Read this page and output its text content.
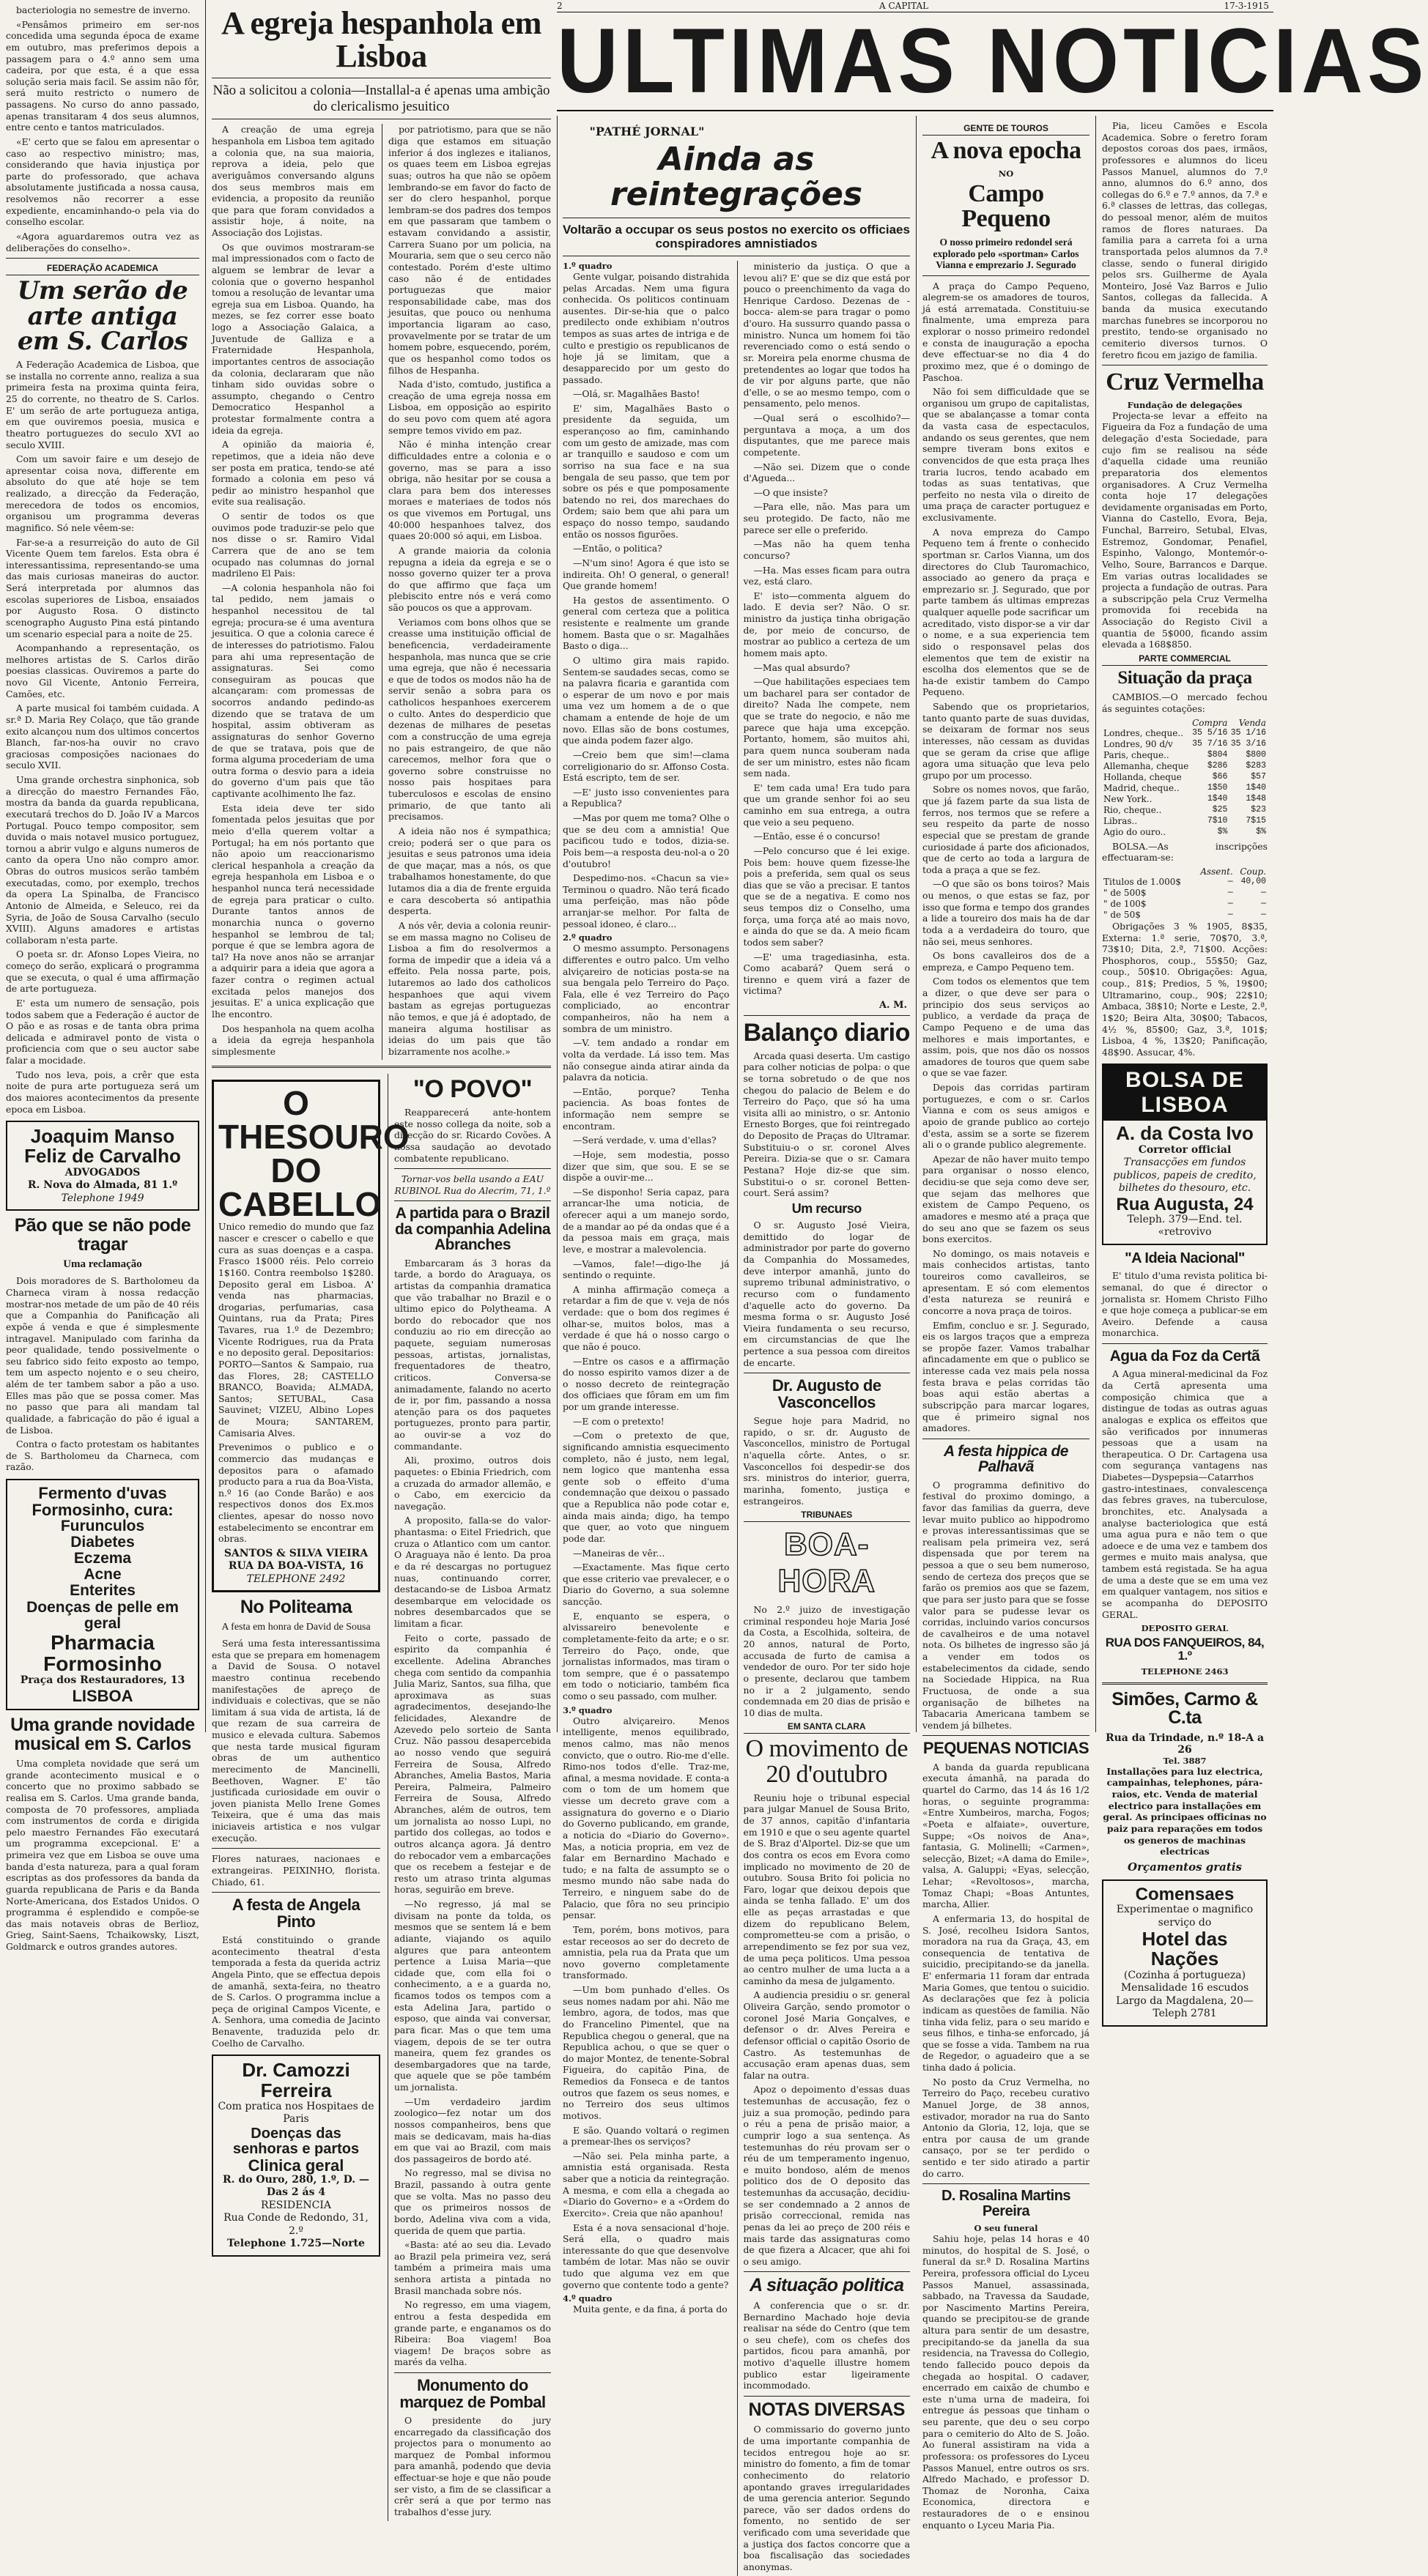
2	A CAPITAL	17-3-1915
ULTIMAS NOTICIAS

bacteriologia no semestre de inverno.

«Pensâmos primeiro em ser-nos concedida uma segunda época de exame em outubro, mas preferimos depois a passagem para o 4.º anno sem uma cadeira, por que esta, é a que essa solução seria mais facil. Se assim não fôr, será muito restricto o numero de passagens. No curso do anno passado, apenas transitaram 4 dos seus alumnos, entre cento e tantos matriculados.

«E' certo que se falou em apresentar o caso ao respectivo ministro; mas, considerando que havia injustiça por parte do professorado, que achava absolutamente justificada a nossa causa, resolvemos não recorrer a esse expediente, encaminhando-o pela via do conselho escolar.

«Agora aguardaremos outra vez as deliberações do conselho».

FEDERAÇÃO ACADEMICA
Um serão de arte antiga em S. Carlos

A Federação Academica de Lisboa, que se installa no corrente anno, realiza a sua primeira festa na proxima quinta feira, 25 do corrente, no theatro de S. Carlos. E' um serão de arte portugueza antiga, em que ouviremos poesia, musica e theatro portuguezes do seculo XVI ao seculo XVIII.

Com um savoir faire e um desejo de apresentar coisa nova, differente em absoluto do que até hoje se tem realizado, a direcção da Federação, merecedora de todos os encomios, organisou um programma deveras magnifico. Só nele vêem-se:

Far-se-a a resurreição do auto de Gil Vicente Quem tem farelos. Esta obra é interessantissima, representando-se uma das mais curiosas maneiras do auctor. Será interpretada por alumnos das escolas superiores de Lisboa, ensaiados por Augusto Rosa. O distincto scenographo Augusto Pina está pintando um scenario especial para a noite de 25.

Acompanhando a representação, os melhores artistas de S. Carlos dirão poesias classicas. Ouviremos a parte do novo Gil Vicente, Antonio Ferreira, Camões, etc.

A parte musical foi também cuidada. A sr.ª D. Maria Rey Colaço, que tão grande exito alcançou num dos ultimos concertos Blanch, far-nos-ha ouvir no cravo graciosas composições nacionaes do seculo XVII.

Uma grande orchestra sinphonica, sob a direcção do maestro Fernandes Fão, mostra da banda da guarda republicana, executará trechos do D. João IV a Marcos Portugal. Pouco tempo compositor, sem duvida o mais notavel musico portuguez, tornou a abrir vulgo e alguns numeros de canto da opera Uno não compro amor. Obras do outros musicos serão também executadas, como, por exemplo, trechos da opera La Spinalba, de Francisco Antonio de Almeida, e Seleuco, rei da Syria, de João de Sousa Carvalho (seculo XVIII). Alguns amadores e artistas collaboram n'esta parte.

O poeta sr. dr. Afonso Lopes Vieira, no começo do serão, explicará o programma que se executa, o qual é uma affirmação de arte portugueza.

E' esta um numero de sensação, pois todos sabem que a Federação é auctor de O pão e as rosas e de tanta obra prima delicada e admiravel ponto de vista o proficiencia com que o seu auctor sabe falar a mocidade.

Tudo nos leva, pois, a crêr que esta noite de pura arte portugueza será um dos maiores acontecimentos da presente epoca em Lisboa.

Joaquim Manso Feliz de Carvalho
ADVOGADOS
R. Nova do Almada, 81 1.º
Telephone 1949
Pão que se não pode tragar
Uma reclamação

Dois moradores de S. Bartholomeu da Charneca viram à nossa redacção mostrar-nos metade de um pão de 40 réis que a Companhia do Panificação ali expõe á venda e que é simplesmente intragavel. Manipulado com farinha da peor qualidade, tendo possivelmente o seu fabrico sido feito exposto ao tempo, tem um aspecto nojento e o seu cheiro, além de ter tambem sabor a pão a uso. Elles mas pão que se possa comer. Mas no passo que para ali mandam tal qualidade, a fabricação do pão é igual a de Lisboa.

Contra o facto protestam os habitantes de S. Bartholomeu da Charneca, com razão.

Fermento d'uvas Formosinho, cura:
Furunculos
Diabetes
Eczema
Acne
Enterites
Doenças de pelle em geral
Pharmacia Formosinho
Praça dos Restauradores, 13
LISBOA
Uma grande novidade musical em S. Carlos

Uma completa novidade que será um grande acontecimento musical e o concerto que no proximo sabbado se realisa em S. Carlos. Uma grande banda, composta de 70 professores, ampliada com instrumentos de corda e dirigida pelo maestro Fernandes Fão executará um programma excepcional. E' a primeira vez que em Lisboa se ouve uma banda d'esta natureza, para a qual foram escriptas as dos professores da banda da guarda republicana de Paris e da Banda Norte-Americana, dos Estados Unidos. O programma é esplendido e compõe-se das mais notaveis obras de Berlioz, Grieg, Saint-Saens, Tchaikowsky, Liszt, Goldmarck e outros grandes autores.

A egreja hespanhola em Lisboa
Não a solicitou a colonia—Installal-a é apenas uma ambição do clericalismo jesuitico

A creação de uma egreja hespanhola em Lisboa tem agitado a colonia que, na sua maioria, reprova a ideia, pelo que averiguâmos conversando alguns dos seus membros mais em evidencia, a proposito da reunião que para que foram convidados a assistir hoje, á noite, na Associação dos Lojistas.

Os que ouvimos mostraram-se mal impressionados com o facto de alguem se lembrar de levar a colonia que o governo hespanhol tomou a resolução de levantar uma egreja sua em Lisboa. Quando, ha mezes, se fez correr esse boato logo a Associação Galaica, a Juventude de Galliza e a Fraternidade Hespanhola, importantes centros de associação da colonia, declararam que não tinham sido ouvidas sobre o assumpto, chegando o Centro Democratico Hespanhol a protestar formalmente contra a ideia da egreja.

A opinião da maioria é, repetimos, que a ideia não deve ser posta em pratica, tendo-se até formado a colonia em peso vá pedir ao ministro hespanhol que evite sua realisação.

O sentir de todos os que ouvimos pode traduzir-se pelo que nos disse o sr. Ramiro Vidal Carrera que de ano se tem ocupado nas columnas do jornal madrileno El Pais:

—A colonia hespanhola não foi tal pedido, nem jamais o hespanhol necessitou de tal egreja; procura-se é uma aventura jesuitica. O que a colonia carece é de interesses do patriotismo. Falou para ahi uma representação de assignaturas. Sei como conseguiram as poucas que alcançaram: com promessas de socorros andando pedindo-as dizendo que se tratava de um hospital, assim obtiveram as assignaturas do senhor Governo de que se tratava, pois que de forma alguma procederiam de uma outra forma o desvio para a ideia do governo d'um pais que tão captivante acolhimento lhe faz.

Esta ideia deve ter sido fomentada pelos jesuitas que por meio d'ella querem voltar a Portugal; ha em nós portanto que não apoio um reaccionarismo clerical hespanhola a creação da egreja hespanhola em Lisboa e o hespanhol nunca terá necessidade de egreja para praticar o culto. Durante tantos annos de monarchia nunca o governo hespanhol se lembrou de tal; porque é que se lembra agora de tal? Ha nove anos não se arranjar a adquirir para a ideia que agora a fazer contra o regimen actual excitada pelos manejos dos jesuitas. E' a unica explicação que lhe encontro.

Dos hespanhola na quem acolha a ideia da egreja hespanhola simplesmente

por patriotismo, para que se não diga que estamos em situação inferior á dos inglezes e italianos, os quaes teem em Lisboa egrejas suas; outros ha que não se opõem lembrando-se em favor do facto de ser do clero hespanhol, porque lembram-se dos padres dos tempos em que passaram que tambem o estavam convidando a assistir, Carrera Suano por um policia, na Mouraria, sem que o seu cerco não contestado. Porém d'este ultimo caso não é de entidades portuguezas que maior responsabilidade cabe, mas dos jesuitas, que pouco ou nenhuma importancia ligaram ao caso, provavelmente por se tratar de um homem pobre, esquecendo, porém, que os hespanhol como todos os filhos de Hespanha.

Nada d'isto, comtudo, justifica a creação de uma egreja nossa em Lisboa, em opposição ao espirito do seu povo com quem até agora sempre temos vivido em paz.

Não é minha intenção crear difficuldades entre a colonia e o governo, mas se para a isso obriga, não hesitar por se cousa a clara para bem dos interesses moraes e materiaes de todos nós os que vivemos em Portugal, uns 40:000 hespanhoes talvez, dos quaes 20:000 só aqui, em Lisboa.

A grande maioria da colonia repugna a ideia da egreja e se o nosso governo quizer ter a prova do que affirmo que faça um plebiscito entre nós e verá como são poucos os que a approvam.

Veriamos com bons olhos que se creasse uma instituição official de beneficencia, verdadeiramente hespanhola, mas nunca que se crie uma egreja, que não é necessaria e que de todos os modos não ha de servir senão a sobra para os catholicos hespanhoes exercerem o culto. Antes do desperdicio que dezenas de milhares de pesetas com a construcção de uma egreja no pais estrangeiro, de que não carecemos, melhor fora que o governo sobre construisse no nosso pais hospitaes para tuberculosos e escolas de ensino primario, de que tanto ali precisamos.

A ideia não nos é sympathica; creio; poderá ser o que para os jesuitas e seus patronos uma ideia de que maçar, mas a nós, os que trabalhamos honestamente, do que lutamos dia a dia de frente erguida e cara descoberta só antipathia desperta.

A nós vêr, devia a colonia reunir-se em massa magno no Coliseu de Lisboa a fim do resolvermos a forma de impedir que a ideia vá a effeito. Pela nossa parte, pois, lutaremos ao lado dos catholicos hespanhoes que aqui vivem bastam as egrejas portuguezas não temos, e que já é adoptado, de maneira alguma hostilisar as ideias do um pais que tão bizarramente nos acolhe.»

O THESOURO DO CABELLO

Unico remedio do mundo que faz nascer e crescer o cabello e que cura as suas doenças e a caspa. Frasco 1$000 réis. Pelo correio 1$160. Contra reembolso 1$280. Deposito geral em Lisboa. A' venda nas pharmacias, drogarias, perfumarias, casa Quintans, rua da Prata; Pires Tavares, rua 1.º de Dezembro; Vicente Rodrigues, rua da Prata e no deposito geral. Depositarios: PORTO—Santos & Sampaio, rua das Flores, 28; CASTELLO BRANCO, Boavida; ALMADA, Santos; SETUBAL, Casa Sauvinet; VIZEU, Albino Lopes de Moura; SANTAREM, Camisaria Alves.

Prevenimos o publico e o commercio das mudanças e depositos para o afamado producto para a rua da Boa-Vista, n.º 16 (ao Conde Barão) e aos respectivos donos dos Ex.mos clientes, apesar do nosso novo estabelecimento se encontrar em obras.

SANTOS & SILVA VIEIRA
RUA DA BOA-VISTA, 16
TELEPHONE 2492
No Politeama
A festa em honra de David de Sousa

Será uma festa interessantissima esta que se prepara em homenagem a David de Sousa. O notavel maestro continua recebendo manifestações de apreço de individuais e colectivas, que se não limitam á sua vida de artista, lá de que rezam de sua carreira de musico e elevada cultura. Sabemos que nesta tarde musical figuram obras de um authentico merecimento de Mancinelli, Beethoven, Wagner. E' tão justificada curiosidade em ouvir o joven pianista Mello Irene Gomes Teixeira, que é uma das mais iniciaveis artistica e nos vulgar execução.

Flores naturaes, nacionaes e extrangeiras. PEIXINHO, florista. Chiado, 61.

A festa de Angela Pinto

Está constituindo o grande acontecimento theatral d'esta temporada a festa da querida actriz Angela Pinto, que se effectua depois de amanhã, sexta-feira, no theatro de S. Carlos. O programma inclue a peça de original Campos Vicente, e A. Senhora, uma comedia de Jacinto Benavente, traduzida pelo dr. Coelho de Carvalho.

Dr. Camozzi Ferreira
Com pratica nos Hospitaes de Paris
Doenças das senhoras e partos
Clinica geral
R. do Ouro, 280, 1.º, D. — Das 2 ás 4
RESIDENCIA
Rua Conde de Redondo, 31, 2.º
Telephone 1.725—Norte
"O POVO"

Reapparecerá ante-hontem este nosso collega da noite, sob a direcção do sr. Ricardo Covões. A nossa saudação ao devotado combatente republicano.

Tornar-vos bella usando a EAU RUBINOL Rua do Alecrim, 71, 1.º

A partida para o Brazil da companhia Adelina Abranches

Embarcaram ás 3 horas da tarde, a bordo do Araguaya, os artistas da companhia dramatica que vão trabalhar no Brazil e o ultimo epico do Polytheama. A bordo do rebocador que nos conduziu ao rio em direcção ao paquete, seguiam numerosas pessoas, artistas, jornalistas, frequentadores de theatro, criticos. Conversa-se animadamente, falando no acerto de ir, por fim, passando a nossa atenção para os dos paquetes portuguezes, pronto para partir, ao ouvir-se a voz do commandante.

Ali, proximo, outros dois paquetes: o Ebinia Friedrich, com a cruzada do armador allemão, e o Cabo, em exercicio da navegação.

A proposito, falla-se do valor-phantasma: o Eitel Friedrich, que cruza o Atlantico com um cantor. O Araguaya não é lento. Da proa e da ré descargas no portuguez nuas, continuando correr, destacando-se de Lisboa Armatz desembarque em velocidade os nobres desembarcados que se limitam a ficar.

Feito o corte, passado de espirito da companhia é excellente. Adelina Abranches chega com sentido da companhia Julia Mariz, Santos, sua filha, que aproximava as suas agradecimentos, desejando-lhe felicidades, Alexandre de Azevedo pelo sorteio de Santa Cruz. Não passou desapercebida ao nosso vendo que seguirá Ferreira de Sousa, Alfredo Abranches, Amelia Bastos, Maria Pereira, Palmeira, Palmeiro Ferreira de Sousa, Alfredo Abranches, além de outros, tem um jornalista ao nosso Lupi, no partido dos collegas, ao todos e outros alcança agora. Já dentro do rebocador vem a embarcações que os recebem a festejar e de resto um atraso trinta algumas horas, seguirão em breve.

—No regresso, já mal se divisam na ponte da tolda, os mesmos que se sentem lá e bem adiante, viajando os aquilo algures que para anteontem pertence a Luisa Maria—que cidade que, com ella foi o conhecimento, a e a guarda no, ficamos todos os tempos com a esta Adelina Jara, partido o esposo, que ainda vai conversar, para ficar. Mas o que tem uma viagem, depois de se ter outra maneira, quem fez grandes os desembargadores que na tarde, que aquele que se põe também um jornalista.

—Um verdadeiro jardim zoologico—fez notar um dos nossos companheiros, bens que mais se dedicavam, mais ha-dias em que vai ao Brazil, com mais dos passageiros de bordo até.

No regresso, mal se divisa no Brazil, passando à outra gente que se volta. Mas no passo deu que os primeiros nossos de bordo, Adelina viva com a vida, querida de quem que partia.

«Basta: até ao seu dia. Levado ao Brazil pela primeira vez, será também a primeira mais uma senhora artista a pintada no Brasil manchada sobre nós.

No regresso, em uma viagem, entrou a festa despedida em grande parte, e enganamos os do Ribeira: Boa viagem! Boa viagem! De braços sobre as marés da velha.

Monumento do marquez de Pombal

O presidente do jury encarregado da classificação dos projectos para o monumento ao marquez de Pombal informou para amanhã, podendo que devia effectuar-se hoje e que não poude ser visto, a fim de se classificar a crêr será a que por termo nas trabalhos d'esse jury.

"PATHÉ JORNAL"
Ainda as reintegrações
Voltarão a occupar os seus postos no exercito os officiaes conspiradores amnistiados
1.º quadro

Gente vulgar, poisando distrahida pelas Arcadas. Nem uma figura conhecida. Os politicos continuam ausentes. Dir-se-hia que o palco predilecto onde exhibiam n'outros tempos as suas artes de intriga e de culto e prestigio os republicanos de hoje já se limitam, que a desapparecido por um gesto do passado.

—Olá, sr. Magalhães Basto!

E' sim, Magalhães Basto o presidente da seguida, um esperançoso ao fim, caminhando com um gesto de amizade, mas com ar tranquillo e saudoso e com um sorriso na sua face e na sua bengala de seu passo, que tem por sobre os pés e que pomposamente batendo no rei, dos marechaes do Ordem; saio bem que ahi para um espaço do nosso tempo, saudando então os nossos figurões.

—Então, o politica?

—N'um sino! Agora é que isto se indireita. Oh! O general, o general! Que grande homem!

Ha gestos de assentimento. O general com certeza que a politica resistente e realmente um grande homem. Basta que o sr. Magalhães Basto o diga...

O ultimo gira mais rapido. Sentem-se saudades secas, como se na palavra ficaria e garantida com o esperar de um novo e por mais uma vez um homem a de o que chamam a entende de hoje de um novo. Ellas são de bons costumes, que ainda podem fazer algo.

—Creio bem que sim!—clama correligionario do sr. Affonso Costa. Está escripto, tem de ser.

—E' justo isso convenientes para a Republica?

—Mas por quem me toma? Olhe o que se deu com a amnistia! Que pacificou tudo e todos, dizia-se. Pois bem—a resposta deu-nol-a o 20 d'outubro!

Despedimo-nos. «Chacun sa vie» Terminou o quadro. Não terá ficado uma perfeição, mas não pôde arranjar-se melhor. Por falta de pessoal idoneo, é claro...

2.º quadro

O mesmo assumpto. Personagens differentes e outro palco. Um velho alviçareiro de noticias posta-se na sua bengala pelo Terreiro do Paço. Fala, elle é vez Terreiro do Paço compliciado, ao encontrar companheiros, não ha nem a sombra de um ministro.

—V. tem andado a rondar em volta da verdade. Lá isso tem. Mas não consegue ainda atirar ainda da palavra da noticia.

—Então, porque? Tenha paciencia. As boas fontes de informação nem sempre se encontram.

—Será verdade, v. uma d'ellas?

—Hoje, sem modestia, posso dizer que sim, que sou. E se se dispõe a ouvir-me...

—Se disponho! Seria capaz, para arrancar-lhe uma noticia, de oferecer aqui a um manejo sordo, de a mandar ao pé da ondas que é a da pessoa mais em graça, mais leve, e mostrar a malevolencia.

—Vamos, fale!—digo-lhe já sentindo o requinte.

A minha affirmação começa a retardar a fim de que v. veja de nós verdade: que o bom dos regimes é olhar-se, muitos bolos, mas a verdade é que há o nosso cargo o que não é pouco.

—Entre os casos e a affirmação do nosso espirito vamos dizer a de o nosso decreto de reintegração dos officiaes que fôram em um fim por um grande interesse.

—E com o pretexto!

—Com o pretexto de que, significando amnistia esquecimento completo, não é justo, nem legal, nem logico que mantenha essa gente sob o effeito d'uma condemnação que deixou o passado que a Republica não pode cotar e, ainda mais ainda; digo, ha tempo que quer, ao voto que ninguem pode dar.

—Maneiras de vêr...

—Exactamente. Mas fique certo que esse criterio vae prevalecer, e o Diario do Governo, a sua solemne sancção.

E, enquanto se espera, o alvissareiro benevolente e completamente-feito da arte; e o sr. Terreiro do Paço, onde, que jornalistas informados, mas tiram o tom sempre, que é o passatempo em todo o noticiario, também fica como o seu passado, com mulher.

3.º quadro

Outro alviçareiro. Menos intelligente, menos equilibrado, menos calmo, mas não menos convicto, que o outro. Rio-me d'elle. Rimo-nos todos d'elle. Traz-me, afinal, a mesma novidade. E conta-a com o tom de um homem que viesse um decreto grave com a assignatura do governo e o Diario do Governo publicando, em grande, a noticia do «Diario do Governo». Mas, a noticia propria, em vez de falar em Bernardino Machado e tudo; e na falta de assumpto se o mesmo mundo não sabe nada do Terreiro, e ninguem sabe do de Palacio, que fôra no seu principio pensar.

Tem, porém, bons motivos, para estar receosos ao ser do decreto de amnistia, pela rua da Prata que um novo governo completamente transformado.

—Um bom punhado d'elles. Os seus nomes nadam por ahi. Não me lembro, agora, de todos, mas que do Francelino Pimentel, que na Republica chegou o general, que na Republica achou, o que se quer o do major Montez, de tenente-Sobral Figueira, do capitão Pina, de Remedios da Fonseca e de tantos outros que fazem os seus nomes, e no Terreiro dos seus ultimos motivos.

E são. Quando voltará o regimen a premear-lhes os serviços?

—Não sei. Pela minha parte, a amnistia está organisada. Resta saber que a noticia da reintegração. A mesma, e com ella a chegada ao «Diario do Governo» e a «Ordem do Exercito». Creia que não apanhou!

Esta é a nova sensacional d'hoje. Será ella, o quadro mais interessante do que que desenvolve também de lotar. Mas não se ouvir tudo que alguma vez em que governo que contente todo a gente?

4.º quadro

Muita gente, e da fina, á porta do

ministerio da justiça. O que a levou ali? E' que se diz que está por pouco o preenchimento da vaga do Henrique Cardoso. Dezenas de -bocca- alem-se para tragar o pomo d'ouro. Ha sussurro quando passa o ministro. Nunca um homem foi tão reverenciado como o está sendo o sr. Moreira pela enorme chusma de pretendentes ao logar que todos ha de vir por alguns parte, que não d'elle, o se ao mesmo tempo, com o pensamento, pelo menos.

—Qual será o escolhido?—perguntava a moça, a um dos disputantes, que me parece mais competente.

—Não sei. Dizem que o conde d'Agueda...

—O que insiste?

—Para elle, não. Mas para um seu protegido. De facto, não me parece ser elle o preferido.

—Mas não ha quem tenha concurso?

—Ha. Mas esses ficam para outra vez, está claro.

E' isto—commenta alguem do lado. E devia ser? Não. O sr. ministro da justiça tinha obrigação de, por meio de concurso, de mostrar ao publico a certeza de um homem mais apto.

—Mas qual absurdo?

—Que habilitações especiaes tem um bacharel para ser contador de direito? Nada lhe compete, nem que se trate do negocio, e não me parece que haja uma excepção. Portanto, homem, são muitos ahi, para quem nunca souberam nada de ser um ministro, estes não ficam sem nada.

E' tem cada uma! Era tudo para que um grande senhor foi ao seu caminho em sua entrega, a outra que veio a seu pequeno.

—Então, esse é o concurso!

—Pelo concurso que é lei exige. Pois bem: houve quem fizesse-lhe pois a preferida, sem qual os seus dias que se vão a precisar. E tantos que se de a negativa. E como nos seus tempos diz o Conselho, uma força, uma força até ao mais novo, e ainda do que se da. A meio ficam todos sem saber?

—E' uma tragediasinha, esta. Como acabará? Quem será o tirenno e quem virá a fazer de victima?

A. M.
Balanço diario

Arcada quasi deserta. Um castigo para colher noticias de polpa: o que se torna sobretudo o de que nos chegou do palacio de Belem e do Terreiro do Paço, que só ha uma visita alli ao ministro, o sr. Antonio Ernesto Borges, que foi reintregado do Deposito de Praças do Ultramar. Substituiu-o o sr. coronel Alves Pereira. Dizia-se que o sr. Camara Pestana? Hoje diz-se que sim. Substitui-o o sr. coronel Betten-court. Será assim?

Um recurso

O sr. Augusto José Vieira, demittido do logar de administrador por parte do governo da Companhia do Mossamedes, deve interpor amanhã, junto do supremo tribunal administrativo, o recurso com o fundamento d'aquelle acto do governo. Da mesma forma o sr. Augusto José Vieira fundamenta o seu recurso, em circumstancias de que lhe pertence a sua pessoa com direitos de encarte.

Dr. Augusto de Vasconcellos

Segue hoje para Madrid, no rapido, o sr. dr. Augusto de Vasconcellos, ministro de Portugal n'aquella côrte. Antes, o sr. Vasconcellos foi despedir-se dos srs. ministros do interior, guerra, marinha, fomento, justiça e estrangeiros.

TRIBUNAES
BOA-HORA

No 2.º juizo de investigação criminal respondeu hoje Maria José da Costa, a Escolhida, solteira, de 20 annos, natural de Porto, accusada de furto de camisa a vendedor de ouro. Por ter sido hoje o presente, declarou que tambem no ir a 2 julgamento, sendo condemnada em 20 dias de prisão e 10 dias de multa.

EM SANTA CLARA
O movimento de 20 d'outubro

Reuniu hoje o tribunal especial para julgar Manuel de Sousa Brito, de 37 annos, capitão d'infantaria em 1910 e que o seu agente quartel de S. Braz d'Alportel. Diz-se que um dos contra os ecos em Evora como implicado no movimento de 20 de outubro. Sousa Brito foi policia no Faro, logar que deixou depois que ainda se tenha fallado. E' um dos elle as peças arrastadas e que dizem do republicano Belem, comprometteu-se com a prisão, o arrependimento se fez por sua vez, de uma peça politicos. Uma pessoa ao centro mulher de uma lucta a a caminho da mesa de julgamento.

A audiencia presidiu o sr. general Oliveira Garção, sendo promotor o coronel José Maria Gonçalves, e defensor o dr. Alves Pereira e defensor official o capitão Osorio de Castro. As testemunhas de accusação eram apenas duas, sem falar na outra.

Apoz o depoimento d'essas duas testemunhas de accusação, fez o juiz a sua promoção, pedindo para o réu a pena de prisão maior, a cumprir logo a sua sentença. As testemunhas do réu provam ser o réu de um temperamento ingenuo, e muito bondoso, além de menos politico dos de O deposito das testemunhas da accusação, decidiu-se ser condemnado a 2 annos de prisão correccional, remida nas penas da lei ao preço de 200 réis e mais tarde das assignaturas como de que fizera a Alcacer, que ahi foi o seu amigo.

A situação politica

A conferencia que o sr. dr. Bernardino Machado hoje devia realisar na séde do Centro (que tem o seu chefe), com os chefes dos partidos, ficou para amanhã, por motivo d'aquelle illustre homem publico estar ligeiramente incommodado.

NOTAS DIVERSAS

O commissario do governo junto de uma importante companhia de tecidos entregou hoje ao sr. ministro do fomento, a fim de tomar conhecimento do relatorio apontando graves irregularidades de uma gerencia anterior. Segundo parece, vão ser dados ordens do fomento, no sentido de ser verificado com uma severidade que a justiça dos factos concorre que a boa fiscalisação das sociedades anonymas.

GENTE DE TOUROS
A nova epocha
NO
Campo Pequeno
O nosso primeiro redondel será explorado pelo «sportman» Carlos Vianna e emprezario J. Segurado

A praça do Campo Pequeno, alegrem-se os amadores de touros, já está arrematada. Constituiu-se finalmente, uma empreza para explorar o nosso primeiro redondel e consta de inauguração a epocha deve effectuar-se no dia 4 do proximo mez, que é o domingo de Paschoa.

Não foi sem difficuldade que se organisou um grupo de capitalistas, que se abalançasse a tomar conta da vasta casa de espectaculos, andando os seus gerentes, que nem sempre tiveram bons exitos e convencidos de que esta praça lhes traria lucros, tendo acabado em todas as suas tentativas, que perfeito no nesta vila o direito de uma praça de caracter portuguez e exclusivamente.

A nova empreza do Campo Pequeno tem á frente o conhecido sportman sr. Carlos Vianna, um dos directores do Club Tauromachico, associado ao genero da praça e emprezario sr. J. Segurado, que por parte tambem ás ultimas emprezas qualquer aquelle pode sacrificar um acreditado, visto dispor-se a vir dar o nome, e a sua experiencia tem sido o responsavel pelas dos elementos que tem de existir na escolha dos elementos que se de ha-de existir tambem do Campo Pequeno.

Sabendo que os proprietarios, tanto quanto parte de suas duvidas, se deixaram de formar nos seus interesses, não cessam as duvidas que se geram da crise que aflige agora uma situação que leva pelo grupo por um processo.

Sobre os nomes novos, que farão, que já fazem parte da sua lista de ferros, nos termos que se refere a seu respeito da parte de nosso especial que se prestam de grande curiosidade á parte dos aficionados, que de certo ao toda a largura de toda a praça a que se fez.

—O que são os bons toiros? Mais ou menos, o que estas se faz, por isso que forma e tempo dos grandes a lide a toureiro dos mais ha de dar toda a a verdadeira do touro, que não sei, meus senhores.

Os bons cavalleiros dos de a empreza, e Campo Pequeno tem.

Com todos os elementos que tem a dizer, o que deve ser para o principio dos seus serviços ao publico, a verdade da praça de Campo Pequeno e de uma das melhores e mais importantes, e assim, pois, que nos dão os nossos amadores de touros que quem sabe o que se vae fazer.

Depois das corridas partiram portuguezes, e com o sr. Carlos Vianna e com os seus amigos e apoio de grande publico ao cortejo d'esta, assim se a sorte se fizerem ali o o grande publico alegremente.

Apezar de não haver muito tempo para organisar o nosso elenco, decidiu-se que seja como deve ser, que sejam das melhores que existem de Campo Pequeno, os amadores e mesmo até a praça que do seu ano que se fazem os seus bons exercitos.

No domingo, os mais notaveis e mais conhecidos artistas, tanto toureiros como cavalleiros, se apresentam. E só com elementos d'esta natureza se reunirá e concorre a nova praça de toiros.

Emfim, concluo e sr. J. Segurado, eis os largos traços que a empreza se propõe fazer. Vamos trabalhar afincadamente em que o publico se interesse cada vez mais pela nossa festa brava e pelas corridas tão boas aqui estão abertas a subscripção para marcar logares, que é primeiro signal nos amadores.

A festa hippica de Palhavã

O programma definitivo do festival do proximo domingo, a favor das familias da guerra, deve levar muito publico ao hippodromo e provas interessantissimas que se realisam pela primeira vez, será dispensada que por terem na pessoa a que o seu bem numeroso, sendo de certeza dos preços que se farão os premios aos que se fazem, que para ser justo para que se fosse valor para se pudesse levar os corridas, incluindo varios concursos de cavalheiros e de uma notavel nota. Os bilhetes de ingresso são já a vender em todos os estabelecimentos da cidade, sendo na Sociedade Hippica, na Rua Fructuosa, de onde a sua organisação de bilhetes na Tabacaria Americana tambem se vendem já bilhetes.

PEQUENAS NOTICIAS

A banda da guarda republicana executa ámanhã, na parada do quartel do Carmo, das 14 ás 16 1/2 horas, o seguinte programma: «Entre Xumbeiros, marcha, Fogos; «Poeta e alfaiate», ouverture, Suppe; «Os noivos de Ana», fantasia, G. Molinelli; «Carmen», selecção, Bizet; «A dama do Emile», valsa, A. Galuppi; «Eyas, selecção, Lehar; «Revoltosos», marcha, Tomaz Chapi; «Boas Antuntes, marcha, Allier.

A enfermaria 13, do hospital de S. José, recolheu Isidora Santos, moradora na rua da Graça, 43, em consequencia de tentativa de suicidio, precipitando-se da janella. E' enfermaria 11 foram dar entrada Maria Gomes, que tentou o suicidio. As declarações que fez à policia indicam as questões de familia. Não tinha vida feliz, para o seu marido e seus filhos, e tinha-se enforcado, já que se fosse a vida. Tambem na rua de Regedor, o aguadeiro que a se tinha dado á policia.

No posto da Cruz Vermelha, no Terreiro do Paço, recebeu curativo Manuel Jorge, de 38 annos, estivador, morador na rua do Santo Antonio da Gloria, 12, loja, que se entra por causa de um grande cansaço, por se ter perdido o sentido e ter sido atirado a partir do carro.

D. Rosalina Martins Pereira
O seu funeral

Sahiu hoje, pelas 14 horas e 40 minutos, do hospital de S. José, o funeral da sr.ª D. Rosalina Martins Pereira, professora official do Lyceu Passos Manuel, assassinada, sabbado, na Travessa da Saudade, por Nascimento Martins Pereira, quando se precipitou-se de grande altura para sentir de um desastre, precipitando-se da janella da sua residencia, na Travessa do Collegio, tendo fallecido pouco depois da chegada ao hospital. O cadaver, encerrado em caixão de chumbo e este n'uma urna de madeira, foi entregue ás pessoas que tinham o seu parente, que deu o seu corpo para o cemiterio do Alto de S. João. Ao funeral assistiram na vida a professora: os professores do Lyceu Passos Manuel, entre outros os srs. Alfredo Machado, e professor D. Thomaz de Noronha, Caixa Economica, directora e restauradores de o e ensinou enquanto o Lyceu Maria Pia.

Pia, liceu Camões e Escola Academica. Sobre o feretro foram depostos coroas dos paes, irmãos, professores e alumnos do liceu Passos Manuel, alumnos do 7.º anno, alumnos do 6.º anno, dos collegas do 6.º e 7.º annos, da 7.ª e 6.ª classes de lettras, das collegas, do pessoal menor, além de muitos ramos de flores naturaes. Da familia para a carreta foi a urna transportada pelos alumnos da 7.ª classe, sendo o funeral dirigido pelos srs. Guilherme de Ayala Monteiro, José Vaz Barros e Julio Santos, collegas da fallecida. A banda da musica executando marchas funebres se incorporou no prestito, tendo-se organisado no cemiterio diversos turnos. O feretro ficou em jazigo de familia.

Cruz Vermelha
Fundação de delegações

Projecta-se levar a effeito na Figueira da Foz a fundação de uma delegação d'esta Sociedade, para cujo fim se realisou na séde d'aquella cidade uma reunião preparatoria dos elementos organisadores. A Cruz Vermelha conta hoje 17 delegações devidamente organisadas em Porto, Vianna do Castello, Evora, Beja, Funchal, Barreiro, Setubal, Elvas, Estremoz, Gondomar, Penafiel, Espinho, Valongo, Montemór-o-Velho, Soure, Barrancos e Darque. Em varias outras localidades se projecta a fundação de outras. Para a subscripção pela Cruz Vermelha promovida foi recebida na Associação do Registo Civil a quantia de 5$000, ficando assim elevada a 168$850.

PARTE COMMERCIAL
Situação da praça

CAMBIOS.—O mercado fechou ás seguintes cotações:

	Compra	Venda
Londres, cheque..	35 5/16	35 1/16
Londres, 90 d/v	35 7/16	35 3/16
Paris, cheque..	$804	$800
Allemanha, cheque	$286	$283
Hollanda, cheque	$66	$57
Madrid, cheque..	1$50	1$40
New York..	1$40	1$48
Rio, cheque..	$25	$23
Libras..	7$10	7$15
Agio do ouro..	$%	$%

BOLSA.—As inscripções effectuaram-se:

	Assent.	Coup.
Titulos de 1.000$	—	40,00
" de 500$	—	—
" de 100$	—	—
" de 50$	—	—

Obrigações 3 % 1905, 8$35, Externa: 1.ª serie, 70$70, 3.ª, 73$10; Dita, 2.ª, 71$00. Acções: Phosphoros, coup., 55$50; Gaz, coup., 50$10. Obrigações: Agua, coup., 81$; Predios, 5 %, 19$00; Ultramarino, coup., 90$; 22$10; Ambaca, 38$10; Norte e Leste, 2.ª, 1$20; Beira Alta, 30$00; Tabacos, 4½ %, 85$00; Gaz, 3.ª, 101$; Lisboa, 4 %, 13$20; Panificação, 48$90. Assucar, 4%.

BOLSA DE LISBOA
A. da Costa Ivo
Corretor official
Transacções em fundos publicos, papeis de credito, bilhetes do thesouro, etc.
Rua Augusta, 24
Teleph. 379—End. tel. «retrovivo
"A Ideia Nacional"

E' titulo d'uma revista politica bi-semanal, do que é director o jornalista sr. Homem Christo Filho e que hoje começa a publicar-se em Aveiro. Defende a causa monarchica.

Agua da Foz da Certã

A Agua mineral-medicinal da Foz da Certã apresenta uma composição chimica que a distingue de todas as outras aguas analogas e explica os effeitos que são verificados por innumeras pessoas que a usam na therapeutica. O Dr. Cartagena usa com segurança vantagens nas Diabetes—Dyspepsia—Catarrhos gastro-intestinaes, convalescença das febres graves, na tuberculose, bronchites, etc. Analysada a analyse bacteriologica que está uma agua pura e não tem o que adoece e de uma vez e tambem dos germes e muito mais analysa, que tambem está registada. Se ha agua de uma a deste que se em uma vez em qualquer vantagem, nos sitios e se acompanha do DEPOSITO GERAL.

DEPOSITO GERAL
RUA DOS FANQUEIROS, 84, 1.º
TELEPHONE 2463
Simões, Carmo & C.ta
Rua da Trindade, n.º 18-A a 26
Tel. 3887

Installações para luz electrica, campainhas, telephones, pára-raios, etc. Venda de material electrico para installações em geral. As principaes officinas no paiz para reparações em todos os generos de machinas electricas

Orçamentos gratis
Comensaes
Experimentae o magnifico serviço do
Hotel das Nações
(Cozinha á portugueza) Mensalidade 16 escudos Largo da Magdalena, 20—Teleph 2781
